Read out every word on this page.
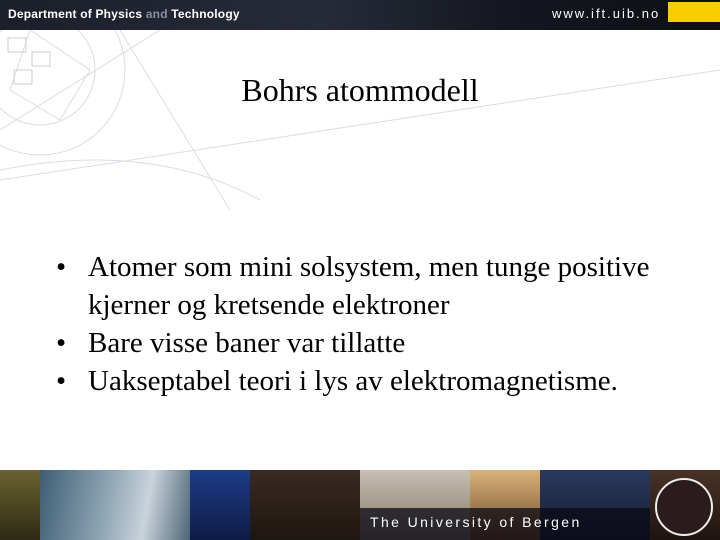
Department of Physics and Technology	www.ift.uib.no
Bohrs atommodell
• Atomer som mini solsystem, men tunge positive kjerner og kretsende elektroner
• Bare visse baner var tillatte
• Uakseptabel teori i lys av elektromagnetisme.
The University of Bergen
